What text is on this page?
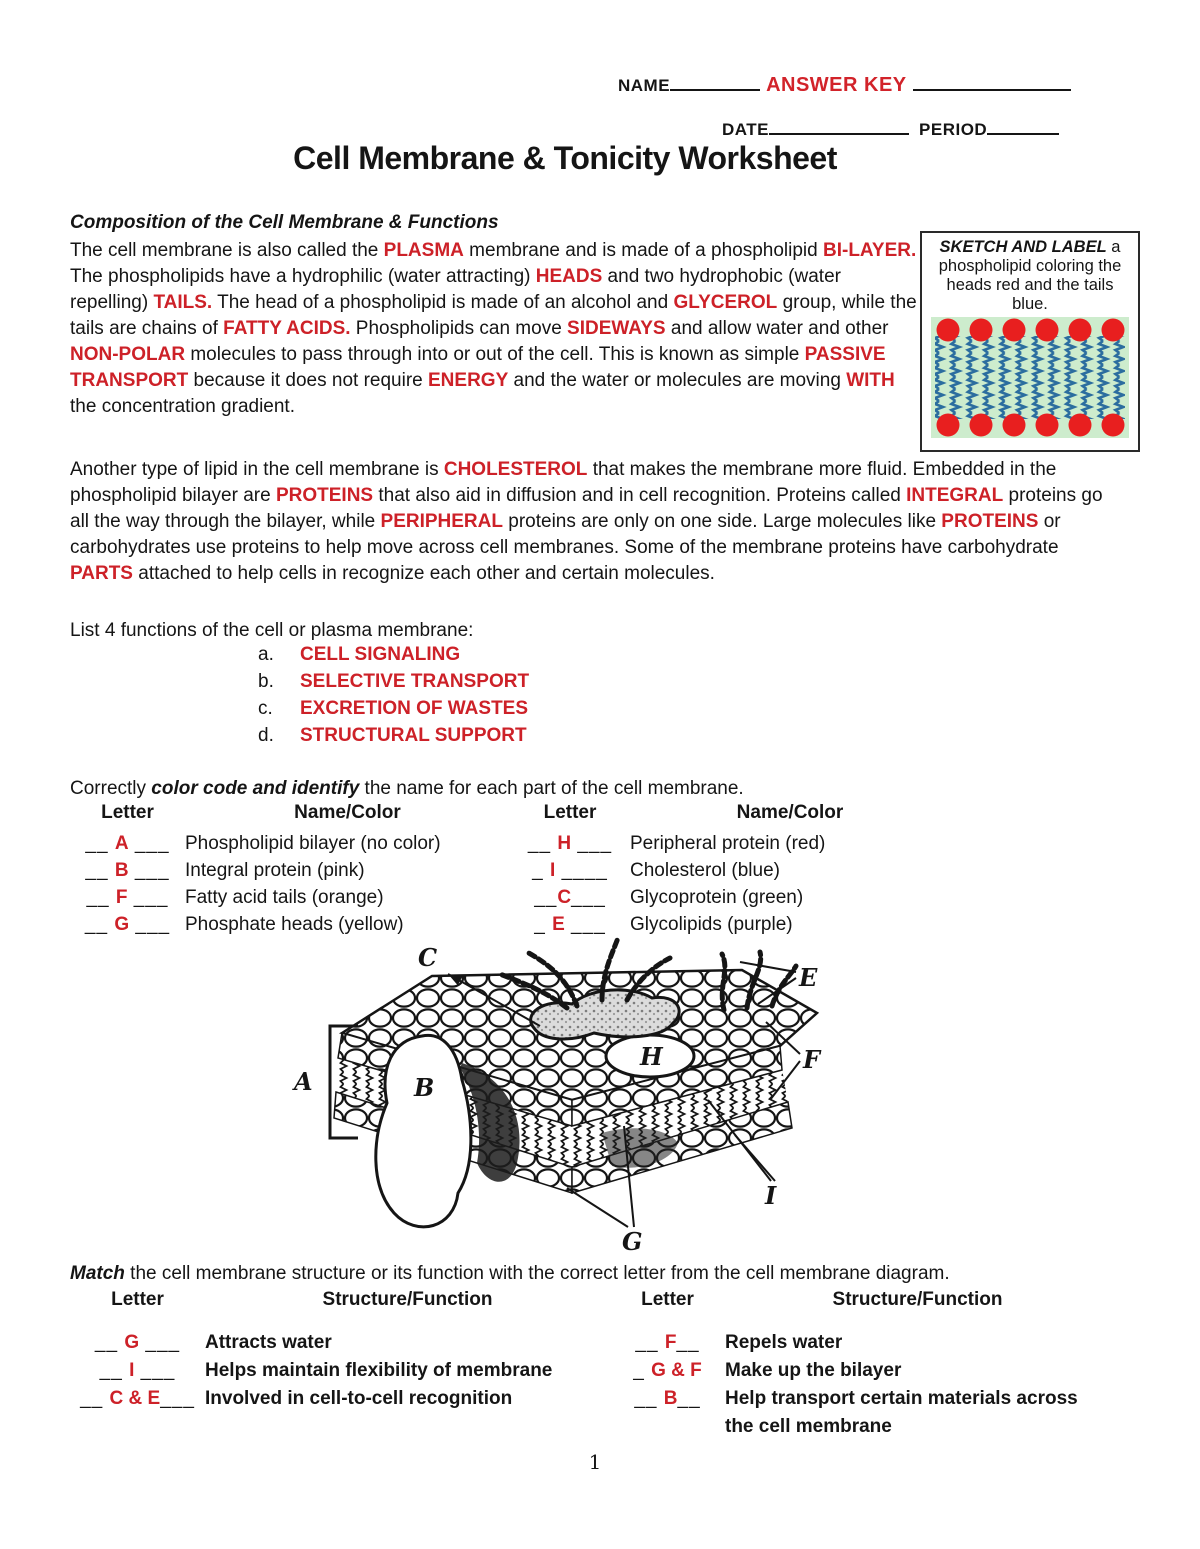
NAME	ANSWER KEY
DATE	PERIOD
Cell Membrane & Tonicity Worksheet
Composition of the Cell Membrane & Functions
The cell membrane is also called the PLASMA membrane and is made of a phospholipid BI-LAYER. The phospholipids have a hydrophilic (water attracting) HEADS and two hydrophobic (water repelling) TAILS. The head of a phospholipid is made of an alcohol and GLYCEROL group, while the tails are chains of FATTY ACIDS. Phospholipids can move SIDEWAYS and allow water and other NON-POLAR molecules to pass through into or out of the cell. This is known as simple PASSIVE TRANSPORT because it does not require ENERGY and the water or molecules are moving WITH the concentration gradient.
SKETCH AND LABEL a phospholipid coloring the heads red and the tails blue.
Another type of lipid in the cell membrane is CHOLESTEROL that makes the membrane more fluid. Embedded in the phospholipid bilayer are PROTEINS that also aid in diffusion and in cell recognition. Proteins called INTEGRAL proteins go all the way through the bilayer, while PERIPHERAL proteins are only on one side. Large molecules like PROTEINS or carbohydrates use proteins to help move across cell membranes. Some of the membrane proteins have carbohydrate PARTS attached to help cells in recognize each other and certain molecules.
List 4 functions of the cell or plasma membrane:
a.	CELL SIGNALING
b.	SELECTIVE TRANSPORT
c.	EXCRETION OF WASTES
d.	STRUCTURAL SUPPORT
Correctly color code and identify the name for each part of the cell membrane.
Letter	Name/Color	Letter	Name/Color
__ A ___ Phospholipid bilayer (no color)	__ H ___ Peripheral protein (red)
__ B ___ Integral protein (pink)	_ I ____	Cholesterol (blue)
__ F ___ Fatty acid tails (orange)	__C___	Glycoprotein (green)
__ G ___ Phosphate heads (yellow)	_ E ___	Glycolipids (purple)
C
E
F
A	B
H
G
I
Match the cell membrane structure or its function with the correct letter from the cell membrane diagram.
Letter	Structure/Function	Letter	Structure/Function
__ G ___	Attracts water	__ F__	Repels water
__ I ___	Helps maintain flexibility of membrane	_ G & F	Make up the bilayer
__ C & E___ Involved in cell-to-cell recognition	__ B__	Help transport certain materials across the cell membrane
1
